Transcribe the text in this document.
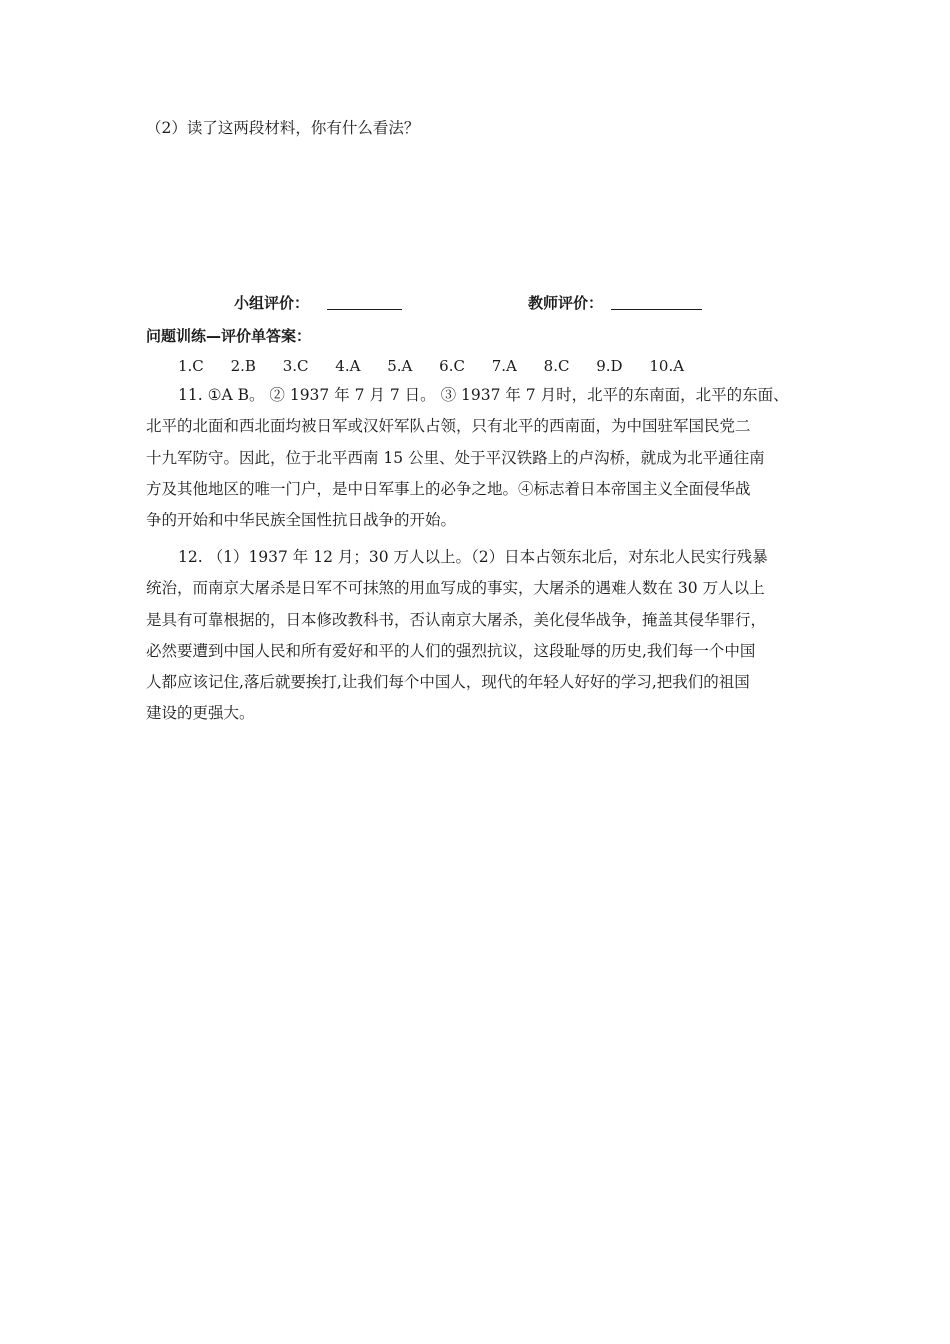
（2）读了这两段材料，你有什么看法？
小组评价：	教师评价：
问题训练—评价单答案：
1.C 2.B 3.C 4.A 5.A 6.C 7.A 8.C 9.D 10.A
11. ①A B。 ② 1937 年 7 月 7 日。 ③ 1937 年 7 月时，北平的东南面，北平的东面、
北平的北面和西北面均被日军或汉奸军队占领，只有北平的西南面，为中国驻军国民党二
十九军防守。因此，位于北平西南 15 公里、处于平汉铁路上的卢沟桥，就成为北平通往南
方及其他地区的唯一门户，是中日军事上的必争之地。④标志着日本帝国主义全面侵华战
争的开始和中华民族全国性抗日战争的开始。
12. （1）1937 年 12 月；30 万人以上。（2）日本占领东北后，对东北人民实行残暴
统治，而南京大屠杀是日军不可抹煞的用血写成的事实，大屠杀的遇难人数在 30 万人以上
是具有可靠根据的，日本修改教科书，否认南京大屠杀，美化侵华战争，掩盖其侵华罪行，
必然要遭到中国人民和所有爱好和平的人们的强烈抗议，这段耻辱的历史,我们每一个中国
人都应该记住,落后就要挨打,让我们每个中国人，现代的年轻人好好的学习,把我们的祖国
建设的更强大。
